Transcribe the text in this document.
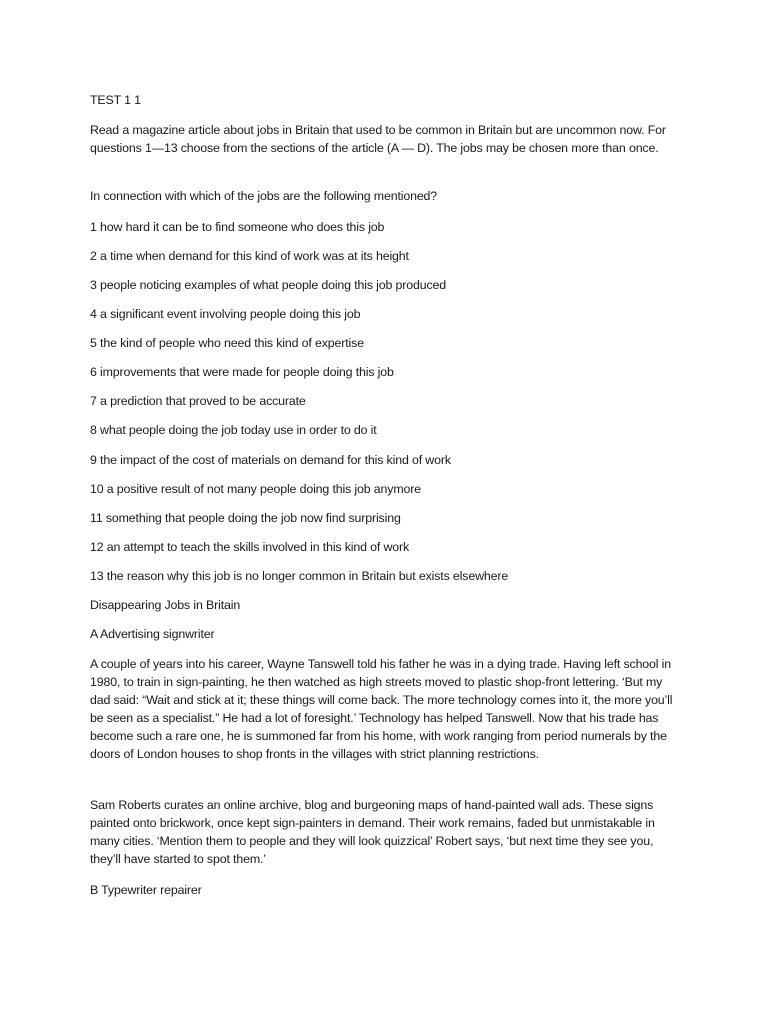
TEST 1 1

Read a magazine article about jobs in Britain that used to be common in Britain but are uncommon now. For questions 1—13 choose from the sections of the article (A — D). The jobs may be chosen more than once.

In connection with which of the jobs are the following mentioned?

1 how hard it can be to find someone who does this job

2 a time when demand for this kind of work was at its height

3 people noticing examples of what people doing this job produced

4 a significant event involving people doing this job

5 the kind of people who need this kind of expertise

6 improvements that were made for people doing this job

7 a prediction that proved to be accurate

8 what people doing the job today use in order to do it

9 the impact of the cost of materials on demand for this kind of work

10 a positive result of not many people doing this job anymore

11 something that people doing the job now find surprising

12 an attempt to teach the skills involved in this kind of work

13 the reason why this job is no longer common in Britain but exists elsewhere

Disappearing Jobs in Britain

A Advertising signwriter

A couple of years into his career, Wayne Tanswell told his father he was in a dying trade. Having left school in 1980, to train in sign-painting, he then watched as high streets moved to plastic shop-front lettering. ‘But my dad said: “Wait and stick at it; these things will come back. The more technology comes into it, the more you’ll be seen as a specialist.” He had a lot of foresight.’ Technology has helped Tanswell. Now that his trade has become such a rare one, he is summoned far from his home, with work ranging from period numerals by the doors of London houses to shop fronts in the villages with strict planning restrictions.

Sam Roberts curates an online archive, blog and burgeoning maps of hand-painted wall ads. These signs painted onto brickwork, once kept sign-painters in demand. Their work remains, faded but unmistakable in many cities. ‘Mention them to people and they will look quizzical’ Robert says, ‘but next time they see you, they’ll have started to spot them.’

B Typewriter repairer
